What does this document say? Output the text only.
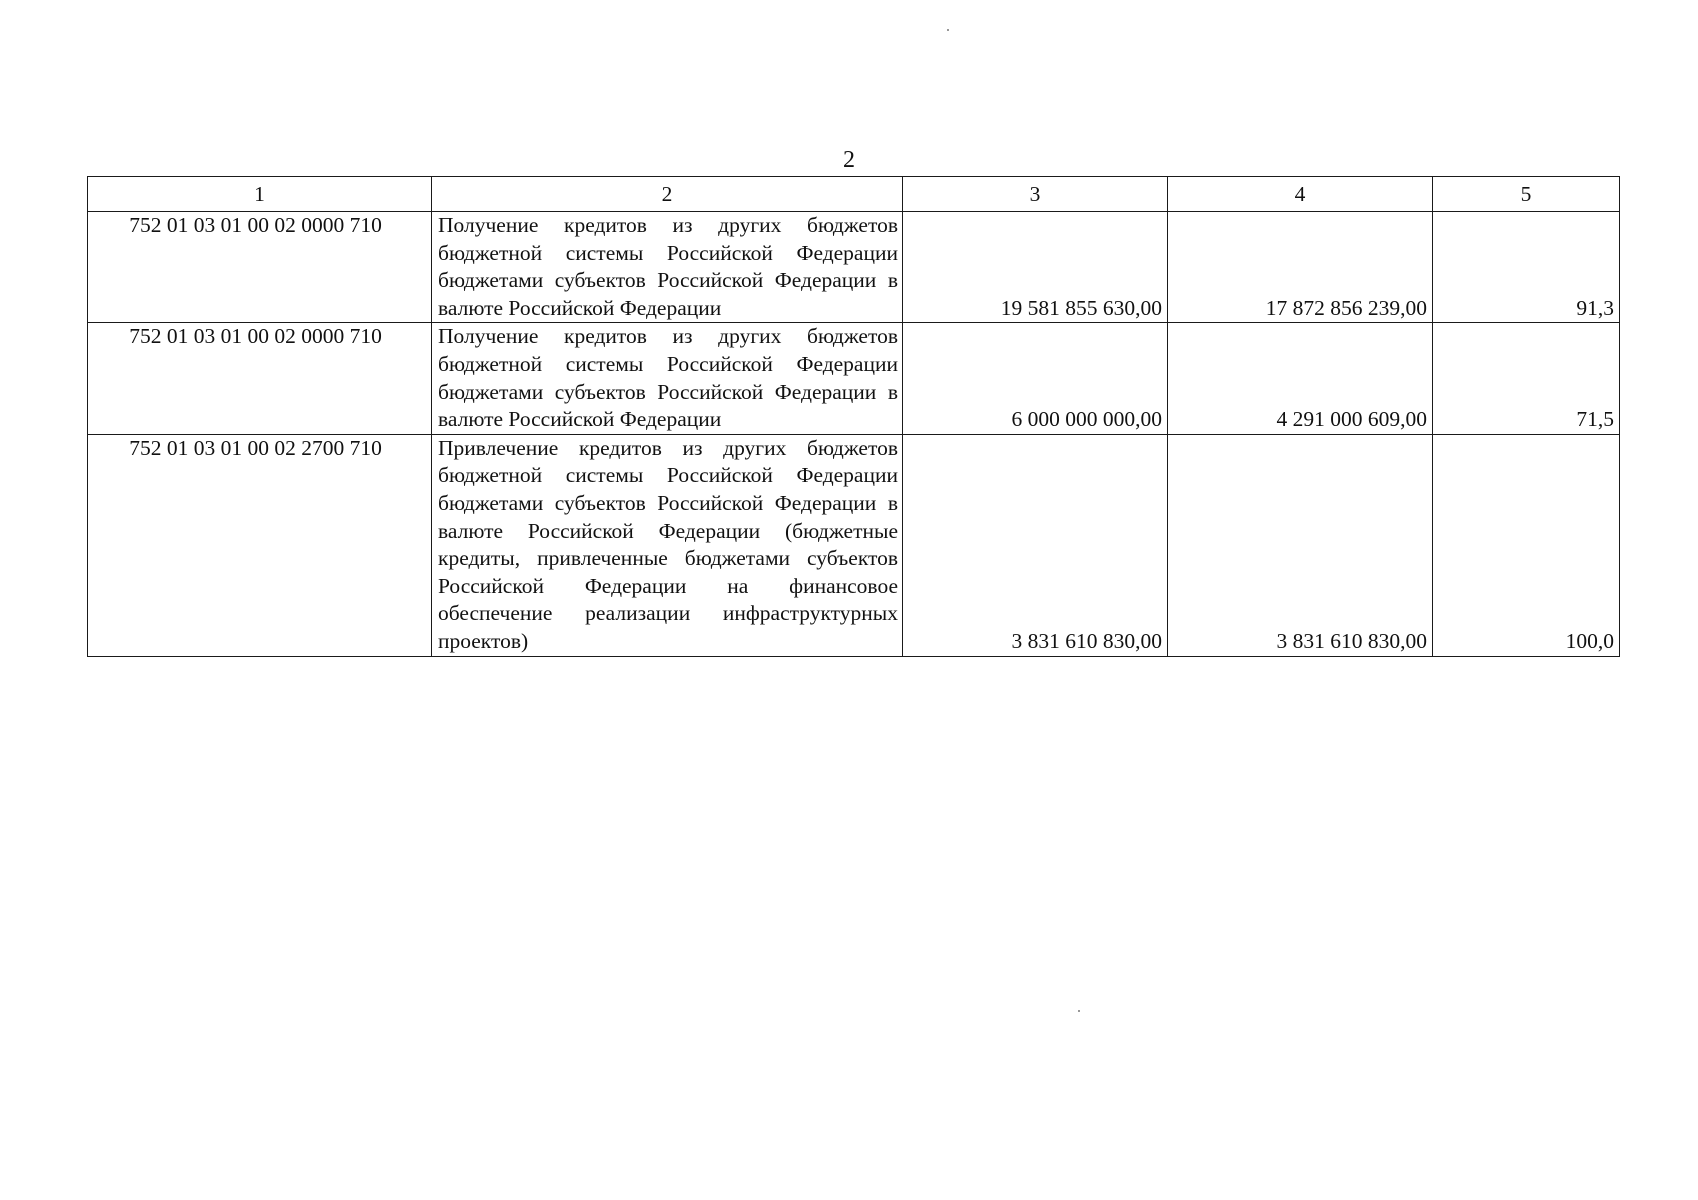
2
1	2	3	4	5
752 01 03 01 00 02 0000 710	Получение кредитов из других бюджетов бюджетной системы Российской Федерации бюджетами субъектов Российской Федерации в валюте Российской Федерации	19 581 855 630,00	17 872 856 239,00	91,3
752 01 03 01 00 02 0000 710	Получение кредитов из других бюджетов бюджетной системы Российской Федерации бюджетами субъектов Российской Федерации в валюте Российской Федерации	6 000 000 000,00	4 291 000 609,00	71,5
752 01 03 01 00 02 2700 710	Привлечение кредитов из других бюджетов бюджетной системы Российской Федерации бюджетами субъектов Российской Федерации в валюте Российской Федерации (бюджетные кредиты, привлеченные бюджетами субъектов Российской Федерации на финансовое обеспечение реализации инфраструктурных проектов)	3 831 610 830,00	3 831 610 830,00	100,0
